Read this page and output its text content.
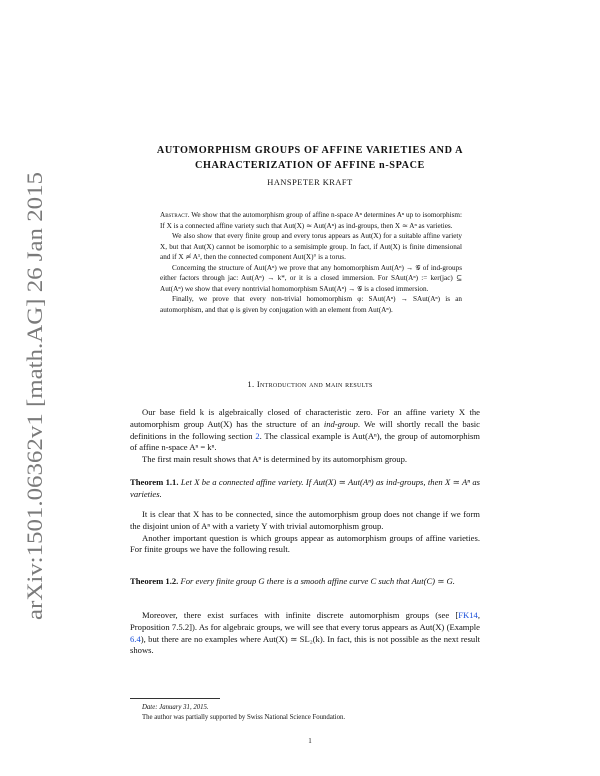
arXiv:1501.06362v1 [math.AG] 26 Jan 2015
AUTOMORPHISM GROUPS OF AFFINE VARIETIES AND A
CHARACTERIZATION OF AFFINE n-SPACE
HANSPETER KRAFT

Abstract. We show that the automorphism group of affine n-space Aⁿ determines Aⁿ up to isomorphism: If X is a connected affine variety such that Aut(X) ≃ Aut(Aⁿ) as ind-groups, then X ≃ Aⁿ as varieties.

We also show that every finite group and every torus appears as Aut(X) for a suitable affine variety X, but that Aut(X) cannot be isomorphic to a semisimple group. In fact, if Aut(X) is finite dimensional and if X ≄ A¹, then the connected component Aut(X)° is a torus.

Concerning the structure of Aut(Aⁿ) we prove that any homomorphism Aut(Aⁿ) → 𝒢 of ind-groups either factors through jac: Aut(Aⁿ) → k*, or it is a closed immersion. For SAut(Aⁿ) := ker(jac) ⊆ Aut(Aⁿ) we show that every nontrivial homomorphism SAut(Aⁿ) → 𝒢 is a closed immersion.

Finally, we prove that every non-trivial homomorphism φ: SAut(Aⁿ) → SAut(Aⁿ) is an automorphism, and that φ is given by conjugation with an element from Aut(Aⁿ).

1. Introduction and main results

Our base field k is algebraically closed of characteristic zero. For an affine variety X the automorphism group Aut(X) has the structure of an ind-group. We will shortly recall the basic definitions in the following section 2. The classical example is Aut(Aⁿ), the group of automorphism of affine n-space Aⁿ = kⁿ.

The first main result shows that Aⁿ is determined by its automorphism group.

Theorem 1.1. Let X be a connected affine variety. If Aut(X) ≃ Aut(Aⁿ) as ind-groups, then X ≃ Aⁿ as varieties.

It is clear that X has to be connected, since the automorphism group does not change if we form the disjoint union of Aⁿ with a variety Y with trivial automorphism group.

Another important question is which groups appear as automorphism groups of affine varieties. For finite groups we have the following result.

Theorem 1.2. For every finite group G there is a smooth affine curve C such that Aut(C) ≃ G.

Moreover, there exist surfaces with infinite discrete automorphism groups (see [FK14, Proposition 7.5.2]). As for algebraic groups, we will see that every torus appears as Aut(X) (Example 6.4), but there are no examples where Aut(X) ≃ SL₂(k). In fact, this is not possible as the next result shows.

Date: January 31, 2015.
The author was partially supported by Swiss National Science Foundation.
1
